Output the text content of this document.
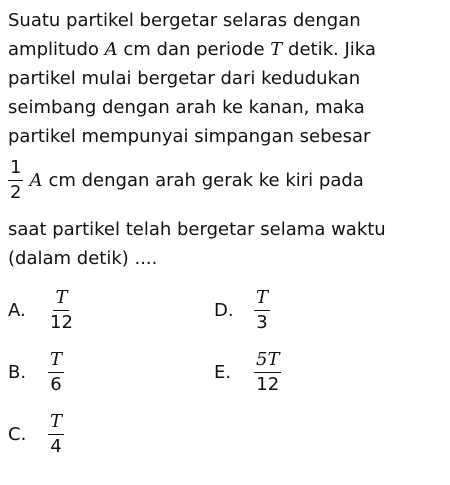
Suatu partikel bergetar selaras dengan
amplitudo A cm dan periode T detik. Jika
partikel mulai bergetar dari kedudukan
seimbang dengan arah ke kanan, maka
partikel mempunyai simpangan sebesar
$\frac{1}{2}$ A cm dengan arah gerak ke kiri pada
saat partikel telah bergetar selama waktu
(dalam detik) ....
A.	$\frac{T}{12}$
B.	$\frac{T}{6}$
C.	$\frac{T}{4}$
D.	$\frac{T}{3}$
E.	$\frac{5T}{12}$
